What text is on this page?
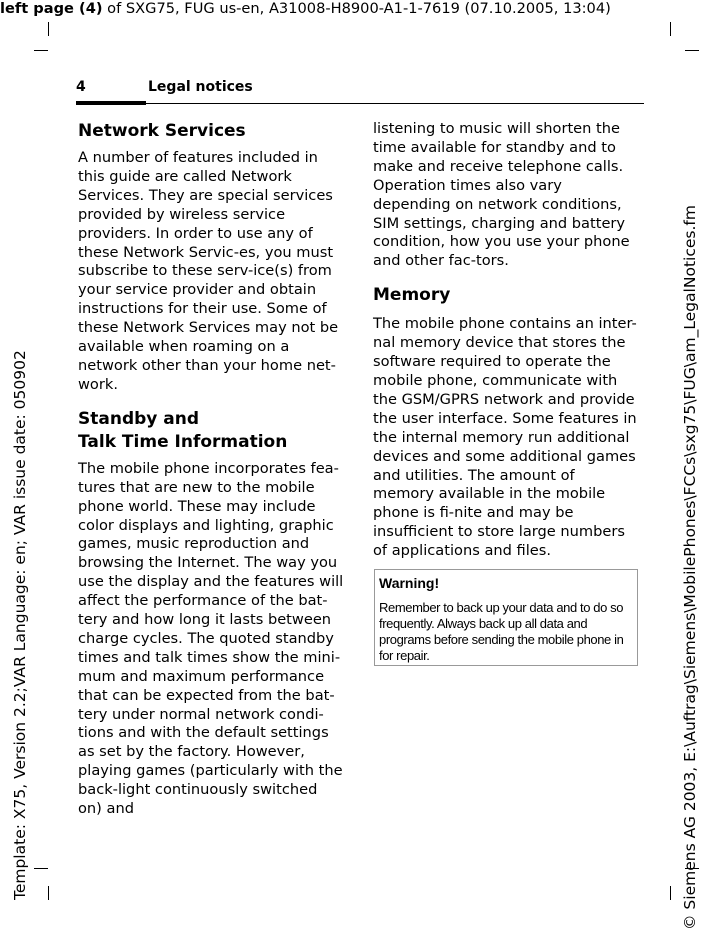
left page (4) of SXG75, FUG us-en, A31008-H8900-A1-1-7619 (07.10.2005, 13:04)
Template: X75, Version 2.2;VAR Language: en; VAR issue date: 050902	© Siemens AG 2003, E:\Auftrag\Siemens\MobilePhones\FCCs\sxg75\FUG\am_LegalNotices.fm
4	Legal notices
Network Services

A number of features included in this guide are called Network Services. They are special services provided by wireless service providers. In order to use any of these Network Servic-es, you must subscribe to these serv-ice(s) from your service provider and obtain instructions for their use. Some of these Network Services may not be available when roaming on a network other than your home net-work.

Standby and
Talk Time Information

The mobile phone incorporates fea-tures that are new to the mobile phone world. These may include color displays and lighting, graphic games, music reproduction and browsing the Internet. The way you use the display and the features will affect the performance of the bat-tery and how long it lasts between charge cycles. The quoted standby times and talk times show the mini-mum and maximum performance that can be expected from the bat-tery under normal network condi-tions and with the default settings as set by the factory. However, playing games (particularly with the back-light continuously switched on) and

listening to music will shorten the time available for standby and to make and receive telephone calls. Operation times also vary depending on network conditions, SIM settings, charging and battery condition, how you use your phone and other fac-tors.

Memory

The mobile phone contains an inter-nal memory device that stores the software required to operate the mobile phone, communicate with the GSM/GPRS network and provide the user interface. Some features in the internal memory run additional devices and some additional games and utilities. The amount of memory available in the mobile phone is fi-nite and may be insufficient to store large numbers of applications and files.

Warning!
Remember to back up your data and to do so frequently. Always back up all data and programs before sending the mobile phone in for repair.
